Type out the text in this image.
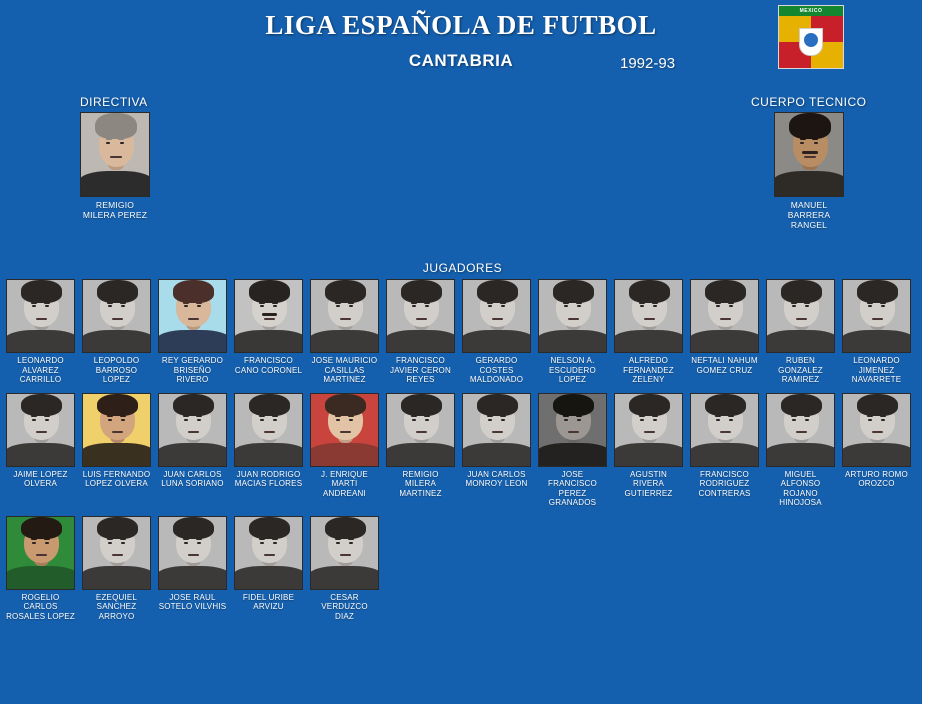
LIGA ESPAÑOLA DE FUTBOL
CANTABRIA	1992-93
MEXICO
DIRECTIVA	CUERPO TECNICO
JUGADORES
REMIGIO
MILERA PEREZ
MANUEL
BARRERA
RANGEL
LEONARDO
ALVAREZ
CARRILLO
LEOPOLDO
BARROSO
LOPEZ
REY GERARDO
BRISEÑO
RIVERO
FRANCISCO
CANO CORONEL
JOSE MAURICIO
CASILLAS
MARTINEZ
FRANCISCO
JAVIER CERON
REYES
GERARDO
COSTES
MALDONADO
NELSON A.
ESCUDERO
LOPEZ
ALFREDO
FERNANDEZ
ZELENY
NEFTALI NAHUM
GOMEZ CRUZ
RUBEN
GONZALEZ
RAMIREZ
LEONARDO
JIMENEZ
NAVARRETE
JAIME LOPEZ
OLVERA
LUIS FERNANDO
LOPEZ OLVERA
JUAN CARLOS
LUNA SORIANO
JUAN RODRIGO
MACIAS FLORES
J. ENRIQUE
MARTI
ANDREANI
REMIGIO
MILERA
MARTINEZ
JUAN CARLOS
MONROY LEON
JOSE
FRANCISCO
PEREZ
GRANADOS
AGUSTIN
RIVERA
GUTIERREZ
FRANCISCO
RODRIGUEZ
CONTRERAS
MIGUEL
ALFONSO
ROJANO
HINOJOSA
ARTURO ROMO
OROZCO
ROGELIO
CARLOS
ROSALES LOPEZ
EZEQUIEL
SANCHEZ
ARROYO
JOSE RAUL
SOTELO VILVHIS
FIDEL URIBE
ARVIZU
CESAR
VERDUZCO
DIAZ
